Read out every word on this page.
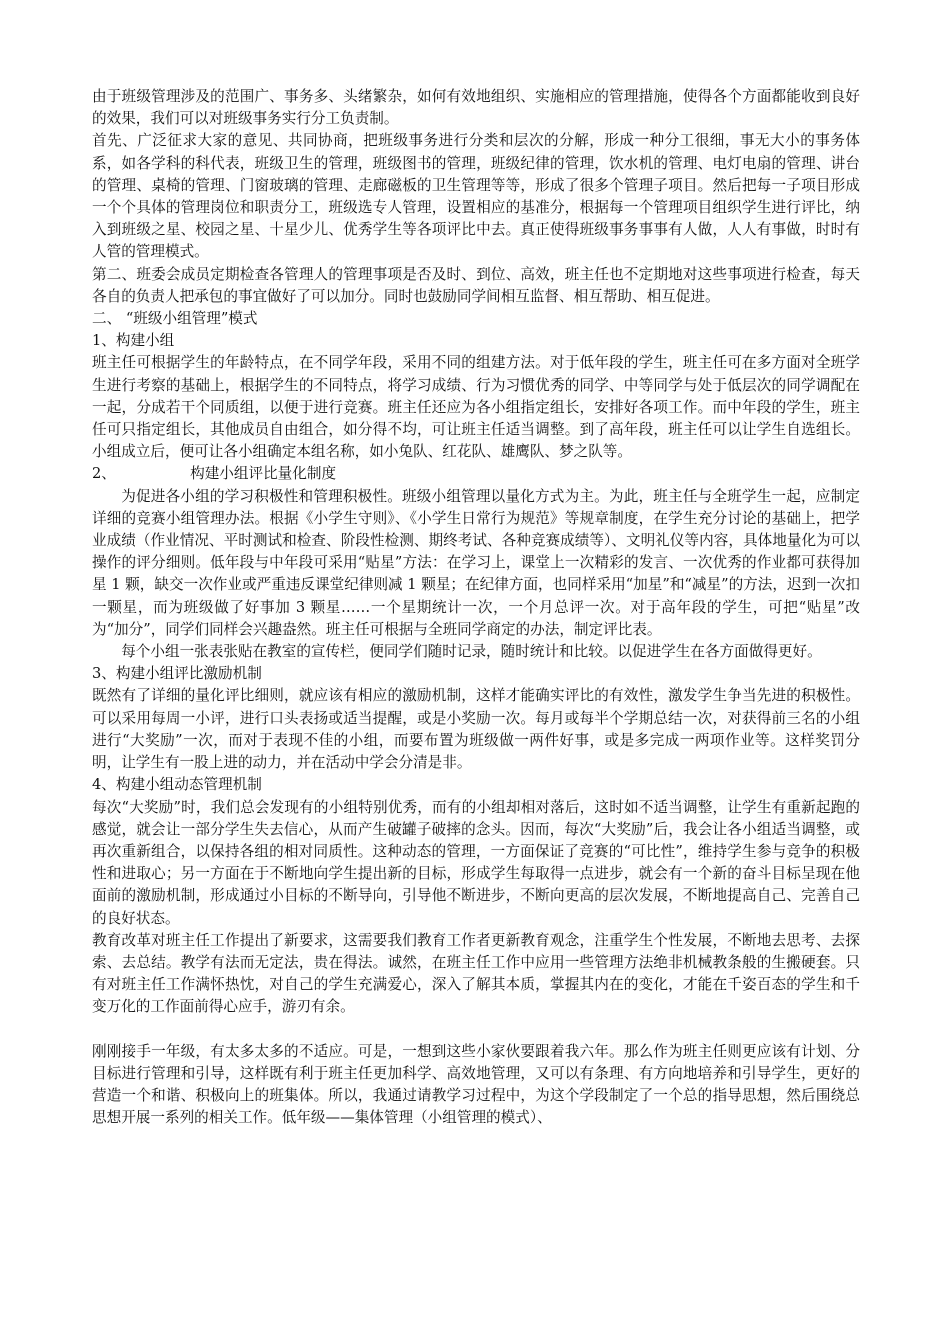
由于班级管理涉及的范围广、事务多、头绪繁杂，如何有效地组织、实施相应的管理措施，使得各个方面都能收到良好的效果，我们可以对班级事务实行分工负责制。

首先、广泛征求大家的意见、共同协商，把班级事务进行分类和层次的分解，形成一种分工很细，事无大小的事务体系，如各学科的科代表，班级卫生的管理，班级图书的管理，班级纪律的管理，饮水机的管理、电灯电扇的管理、讲台的管理、桌椅的管理、门窗玻璃的管理、走廊磁板的卫生管理等等，形成了很多个管理子项目。然后把每一子项目形成一个个具体的管理岗位和职责分工，班级选专人管理，设置相应的基准分，根据每一个管理项目组织学生进行评比，纳入到班级之星、校园之星、十星少儿、优秀学生等各项评比中去。真正使得班级事务事事有人做，人人有事做，时时有人管的管理模式。

第二、班委会成员定期检查各管理人的管理事项是否及时、到位、高效，班主任也不定期地对这些事项进行检查，每天各自的负责人把承包的事宜做好了可以加分。同时也鼓励同学间相互监督、相互帮助、相互促进。

二、 “班级小组管理”模式

1、构建小组

班主任可根据学生的年龄特点，在不同学年段，采用不同的组建方法。对于低年段的学生，班主任可在多方面对全班学生进行考察的基础上，根据学生的不同特点，将学习成绩、行为习惯优秀的同学、中等同学与处于低层次的同学调配在一起，分成若干个同质组，以便于进行竞赛。班主任还应为各小组指定组长，安排好各项工作。而中年段的学生，班主任可只指定组长，其他成员自由组合，如分得不均，可让班主任适当调整。到了高年段，班主任可以让学生自选组长。小组成立后，便可让各小组确定本组名称，如小兔队、红花队、雄鹰队、梦之队等。

2、                构建小组评比量化制度

为促进各小组的学习积极性和管理积极性。班级小组管理以量化方式为主。为此，班主任与全班学生一起，应制定详细的竞赛小组管理办法。根据《小学生守则》、《小学生日常行为规范》等规章制度，在学生充分讨论的基础上，把学业成绩（作业情况、平时测试和检查、阶段性检测、期终考试、各种竞赛成绩等）、文明礼仪等内容，具体地量化为可以操作的评分细则。低年段与中年段可采用“贴星”方法：在学习上，课堂上一次精彩的发言、一次优秀的作业都可获得加星 1 颗，缺交一次作业或严重违反课堂纪律则减 1 颗星；在纪律方面，也同样采用“加星”和“减星”的方法，迟到一次扣一颗星，而为班级做了好事加 3 颗星……一个星期统计一次，一个月总评一次。对于高年段的学生，可把“贴星”改为“加分”，同学们同样会兴趣盎然。班主任可根据与全班同学商定的办法，制定评比表。

每个小组一张表张贴在教室的宣传栏，便同学们随时记录，随时统计和比较。以促进学生在各方面做得更好。

3、构建小组评比激励机制

既然有了详细的量化评比细则，就应该有相应的激励机制，这样才能确实评比的有效性，激发学生争当先进的积极性。可以采用每周一小评，进行口头表扬或适当提醒，或是小奖励一次。每月或每半个学期总结一次，对获得前三名的小组进行“大奖励”一次，而对于表现不佳的小组，而要布置为班级做一两件好事，或是多完成一两项作业等。这样奖罚分明，让学生有一股上进的动力，并在活动中学会分清是非。

4、构建小组动态管理机制

每次“大奖励”时，我们总会发现有的小组特别优秀，而有的小组却相对落后，这时如不适当调整，让学生有重新起跑的感觉，就会让一部分学生失去信心，从而产生破罐子破摔的念头。因而，每次“大奖励”后，我会让各小组适当调整，或再次重新组合，以保持各组的相对同质性。这种动态的管理，一方面保证了竞赛的“可比性”，维持学生参与竞争的积极性和进取心；另一方面在于不断地向学生提出新的目标，形成学生每取得一点进步，就会有一个新的奋斗目标呈现在他面前的激励机制，形成通过小目标的不断导向，引导他不断进步，不断向更高的层次发展，不断地提高自己、完善自己的良好状态。

教育改革对班主任工作提出了新要求，这需要我们教育工作者更新教育观念，注重学生个性发展，不断地去思考、去探索、去总结。教学有法而无定法，贵在得法。诚然，在班主任工作中应用一些管理方法绝非机械教条般的生搬硬套。只有对班主任工作满怀热忱，对自己的学生充满爱心，深入了解其本质，掌握其内在的变化，才能在千姿百态的学生和千变万化的工作面前得心应手，游刃有余。

刚刚接手一年级，有太多太多的不适应。可是，一想到这些小家伙要跟着我六年。那么作为班主任则更应该有计划、分目标进行管理和引导，这样既有利于班主任更加科学、高效地管理，又可以有条理、有方向地培养和引导学生，更好的营造一个和谐、积极向上的班集体。所以，我通过请教学习过程中，为这个学段制定了一个总的指导思想，然后围绕总思想开展一系列的相关工作。低年级——集体管理（小组管理的模式）、
